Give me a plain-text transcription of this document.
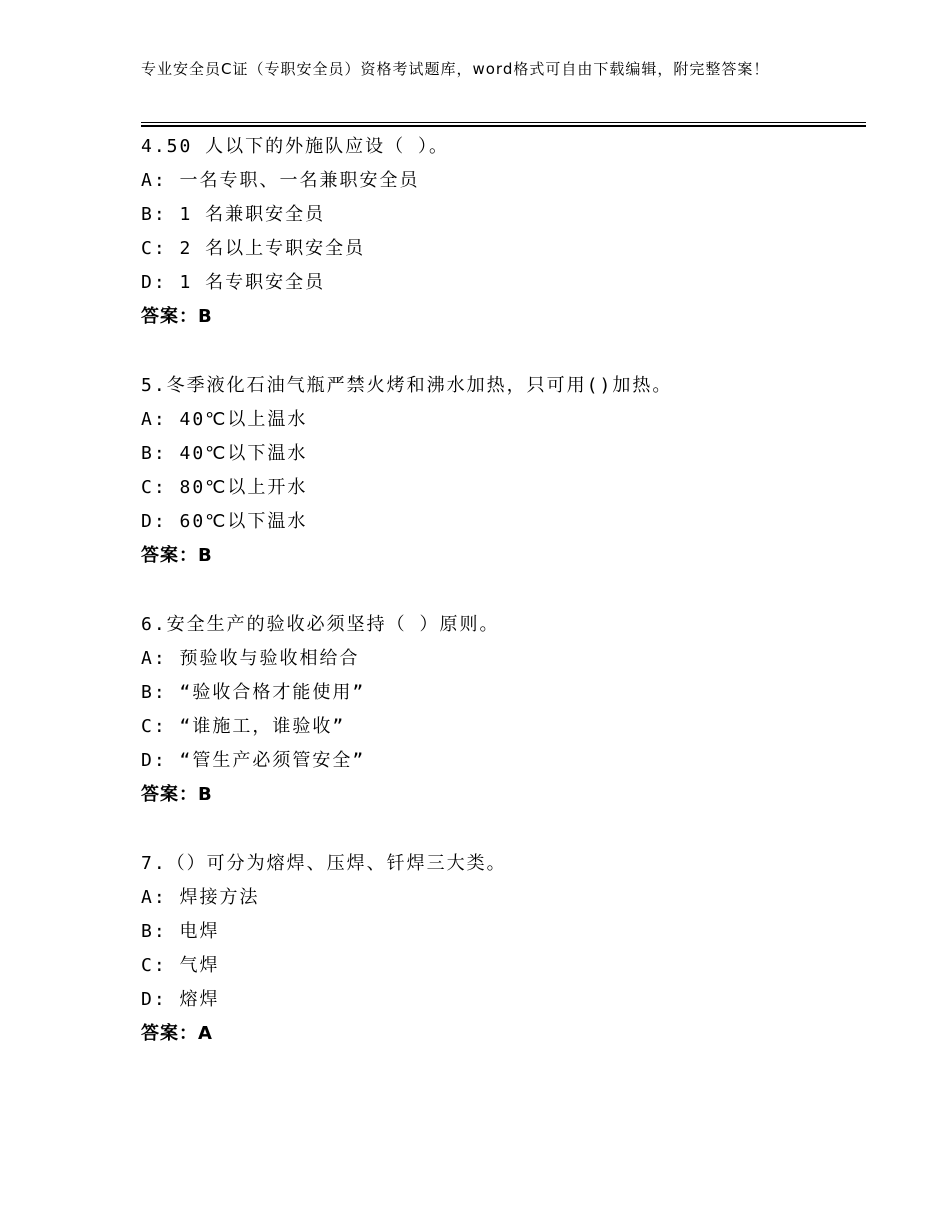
专业安全员C证（专职安全员）资格考试题库，word格式可自由下载编辑，附完整答案！
4.50 人以下的外施队应设（ ）。
A: 一名专职、一名兼职安全员
B: 1 名兼职安全员
C: 2 名以上专职安全员
D: 1 名专职安全员
答案：B
5.冬季液化石油气瓶严禁火烤和沸水加热，只可用()加热。
A: 40℃以上温水
B: 40℃以下温水
C: 80℃以上开水
D: 60℃以下温水
答案：B
6.安全生产的验收必须坚持（ ）原则。
A: 预验收与验收相给合
B: “验收合格才能使用”
C: “谁施工，谁验收”
D: “管生产必须管安全”
答案：B
7.（）可分为熔焊、压焊、钎焊三大类。
A: 焊接方法
B: 电焊
C: 气焊
D: 熔焊
答案：A
